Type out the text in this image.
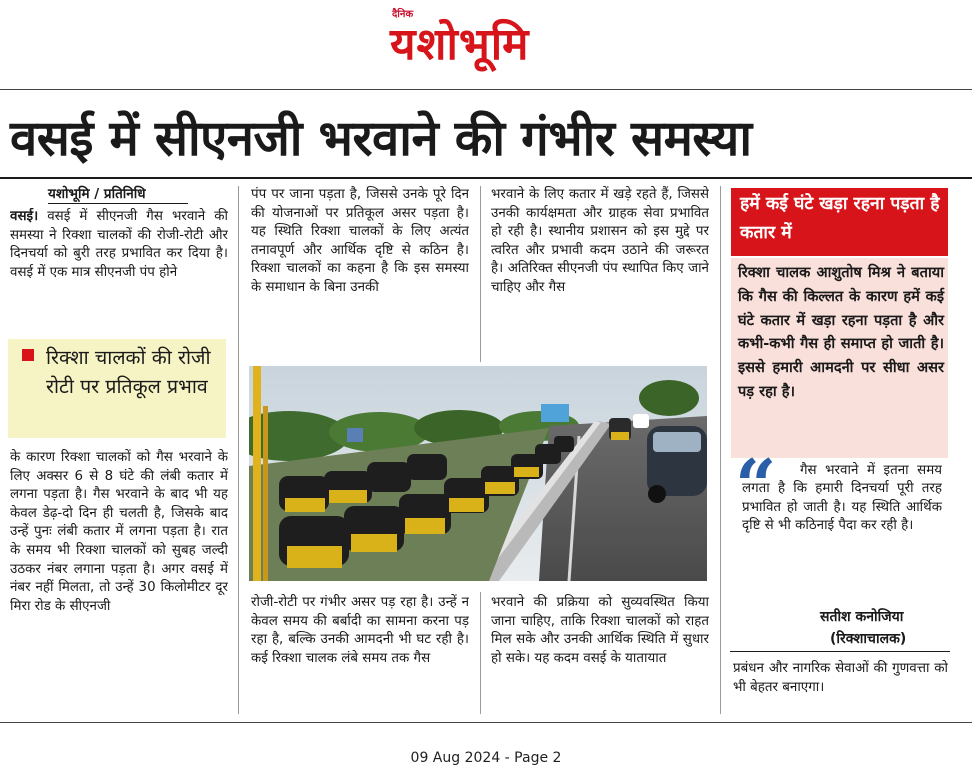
दैनिक
यशोभूमि
वसई में सीएनजी भरवाने की गंभीर समस्या
यशोभूमि / प्रतिनिधि

वसई। वसई में सीएनजी गैस भरवाने की समस्या ने रिक्शा चालकों की रोजी-रोटी और दिनचर्या को बुरी तरह प्रभावित कर दिया है। वसई में एक मात्र सीएनजी पंप होने

रिक्शा चालकों की रोजी रोटी पर प्रतिकूल प्रभाव

के कारण रिक्शा चालकों को गैस भरवाने के लिए अक्सर 6 से 8 घंटे की लंबी कतार में लगना पड़ता है। गैस भरवाने के बाद भी यह केवल डेढ़-दो दिन ही चलती है, जिसके बाद उन्हें पुनः लंबी कतार में लगना पड़ता है। रात के समय भी रिक्शा चालकों को सुबह जल्दी उठकर नंबर लगाना पड़ता है। अगर वसई में नंबर नहीं मिलता, तो उन्हें 30 किलोमीटर दूर मिरा रोड के सीएनजी

पंप पर जाना पड़ता है, जिससे उनके पूरे दिन की योजनाओं पर प्रतिकूल असर पड़ता है। यह स्थिति रिक्शा चालकों के लिए अत्यंत तनावपूर्ण और आर्थिक दृष्टि से कठिन है। रिक्शा चालकों का कहना है कि इस समस्या के समाधान के बिना उनकी

भरवाने के लिए कतार में खड़े रहते हैं, जिससे उनकी कार्यक्षमता और ग्राहक सेवा प्रभावित हो रही है। स्थानीय प्रशासन को इस मुद्दे पर त्वरित और प्रभावी कदम उठाने की जरूरत है। अतिरिक्त सीएनजी पंप स्थापित किए जाने चाहिए और गैस

रोजी-रोटी पर गंभीर असर पड़ रहा है। उन्हें न केवल समय की बर्बादी का सामना करना पड़ रहा है, बल्कि उनकी आमदनी भी घट रही है। कई रिक्शा चालक लंबे समय तक गैस

भरवाने की प्रक्रिया को सुव्यवस्थित किया जाना चाहिए, ताकि रिक्शा चालकों को राहत मिल सके और उनकी आर्थिक स्थिति में सुधार हो सके। यह कदम वसई के यातायात

हमें कई घंटे खड़ा रहना पड़ता है कतार में
रिक्शा चालक आशुतोष मिश्र ने बताया कि गैस की किल्लत के कारण हमें कई घंटे कतार में खड़ा रहना पड़ता है और कभी-कभी गैस ही समाप्त हो जाती है। इससे हमारी आमदनी पर सीधा असर पड़ रहा है।
“	गैस भरवाने में इतना समय लगता है कि हमारी दिनचर्या पूरी तरह प्रभावित हो जाती है। यह स्थिति आर्थिक दृष्टि से भी कठिनाई पैदा कर रही है।
सतीश कनोजिया
(रिक्शाचालक)

प्रबंधन और नागरिक सेवाओं की गुणवत्ता को भी बेहतर बनाएगा।

09 Aug 2024 - Page 2
